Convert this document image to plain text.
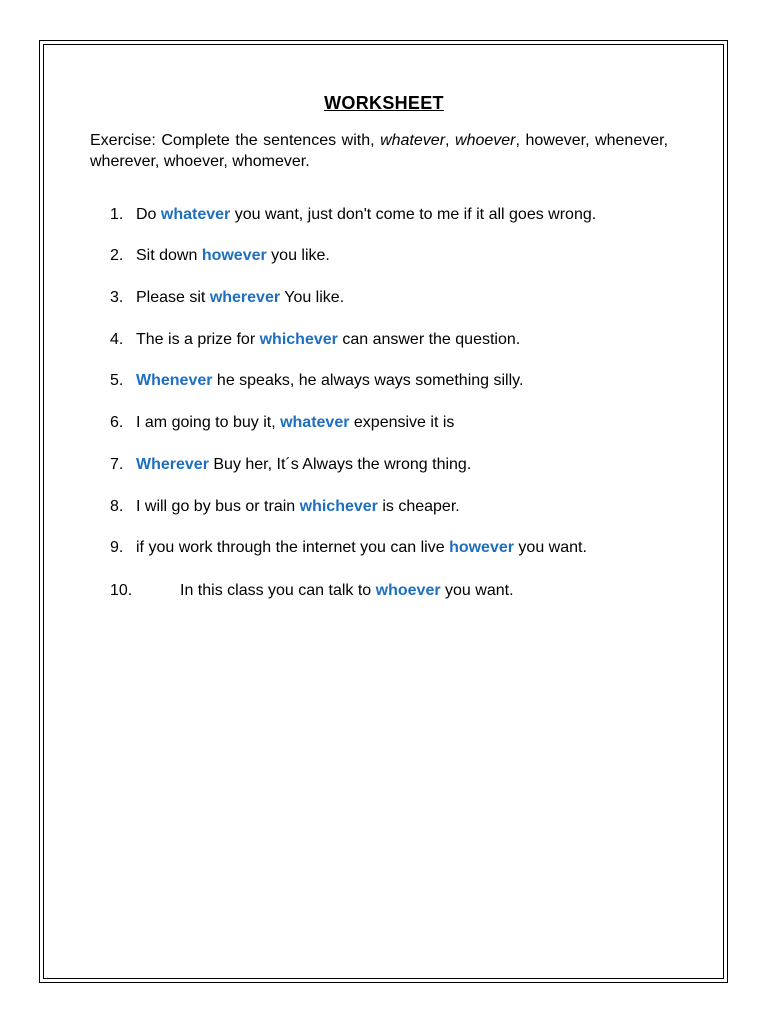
WORKSHEET
Exercise: Complete the sentences with, whatever, whoever, however, whenever, wherever, whoever, whomever.
1. Do whatever you want, just don't come to me if it all goes wrong.
2. Sit down however you like.
3. Please sit wherever You like.
4. The is a prize for whichever can answer the question.
5. Whenever he speaks, he always ways something silly.
6. I am going to buy it, whatever expensive it is
7. Wherever Buy her, It´s Always the wrong thing.
8. I will go by bus or train whichever is cheaper.
9. if you work through the internet you can live however you want.
10.	In this class you can talk to whoever you want.
